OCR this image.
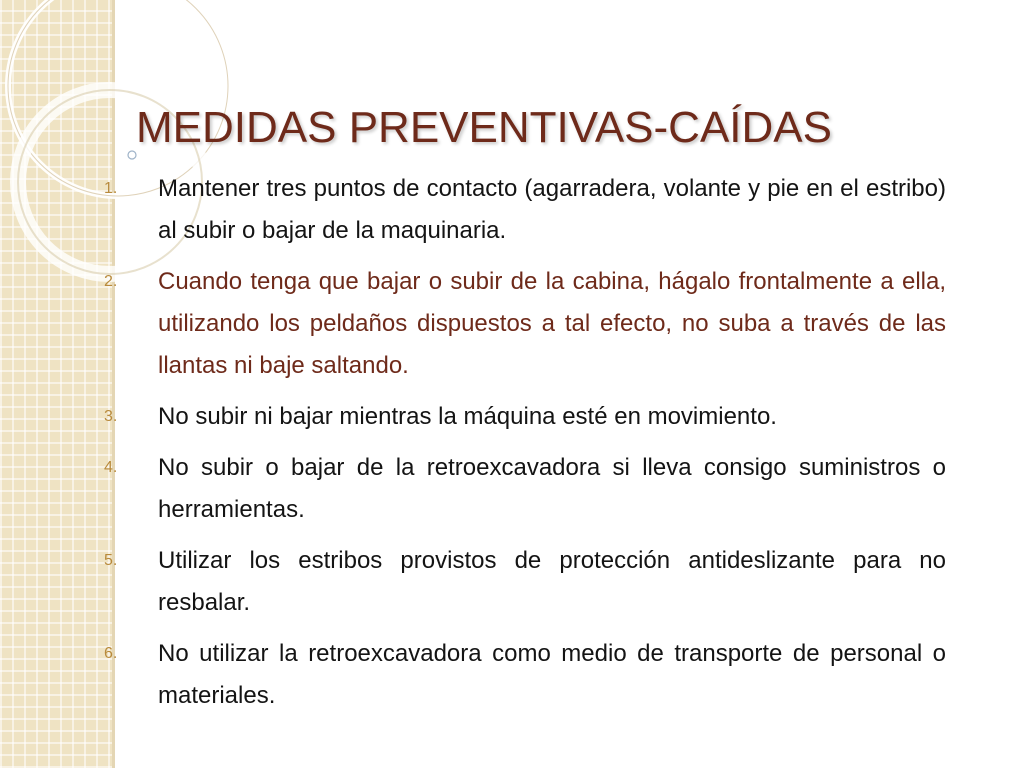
MEDIDAS PREVENTIVAS-CAÍDAS
1.	Mantener tres puntos de contacto (agarradera, volante y pie en el estribo) al subir o bajar de la maquinaria.
2.	Cuando tenga que bajar o subir de la cabina, hágalo frontalmente a ella, utilizando los peldaños dispuestos a tal efecto, no suba a través de las llantas ni baje saltando.
3.	No subir ni bajar mientras la máquina esté en movimiento.
4.	No subir o bajar de la retroexcavadora si lleva consigo suministros o herramientas.
5.	Utilizar los estribos provistos de protección antideslizante para no resbalar.
6.	No utilizar la retroexcavadora como medio de transporte de personal o materiales.
